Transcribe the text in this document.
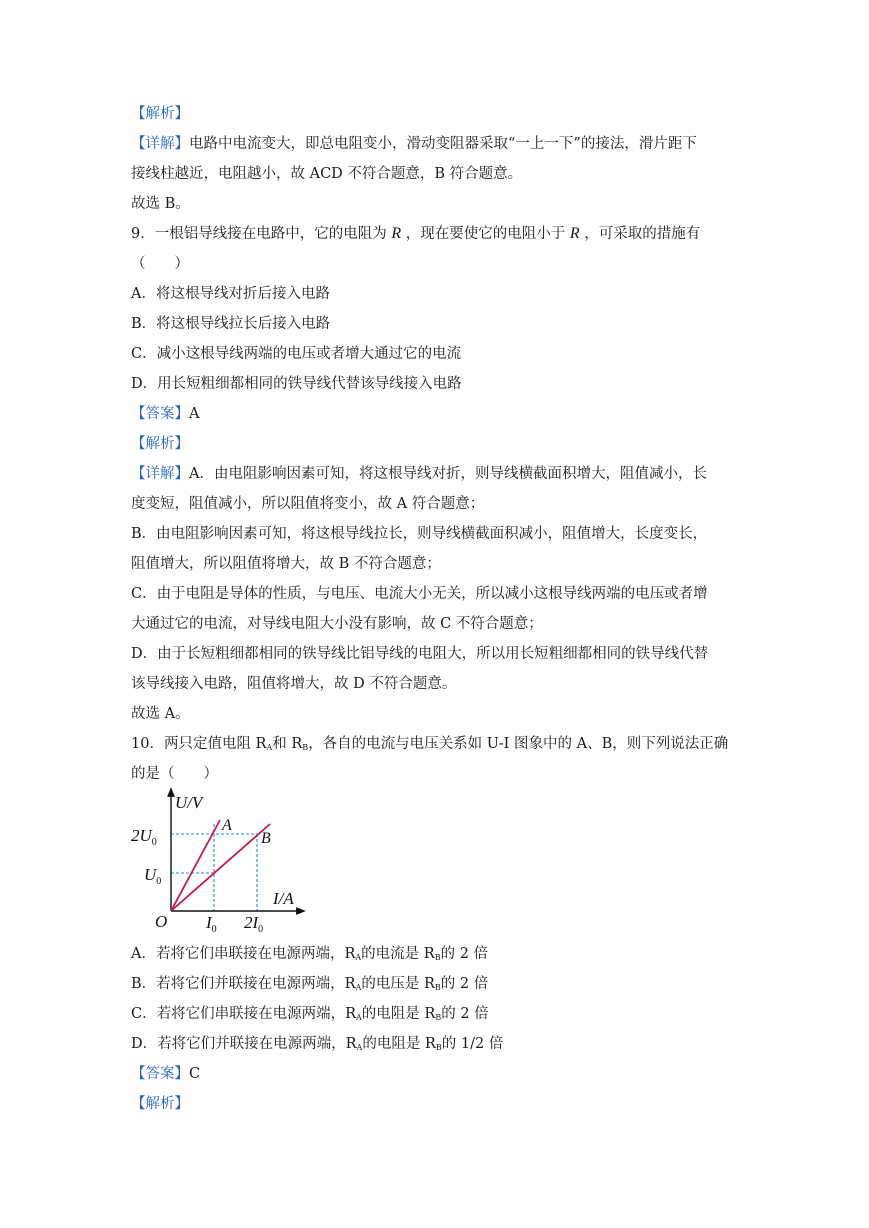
【解析】
【详解】电路中电流变大，即总电阻变小，滑动变阻器采取“一上一下”的接法，滑片距下
接线柱越近，电阻越小，故 ACD 不符合题意，B 符合题意。
故选 B。
9．一根铝导线接在电路中，它的电阻为 R ，现在要使它的电阻小于 R ，可采取的措施有
（　　）
A．将这根导线对折后接入电路
B．将这根导线拉长后接入电路
C．减小这根导线两端的电压或者增大通过它的电流
D．用长短粗细都相同的铁导线代替该导线接入电路
【答案】A
【解析】
【详解】A．由电阻影响因素可知，将这根导线对折，则导线横截面积增大，阻值减小，长
度变短，阻值减小，所以阻值将变小，故 A 符合题意；
B．由电阻影响因素可知，将这根导线拉长，则导线横截面积减小，阻值增大，长度变长，
阻值增大，所以阻值将增大，故 B 不符合题意；
C．由于电阻是导体的性质，与电压、电流大小无关，所以减小这根导线两端的电压或者增
大通过它的电流，对导线电阻大小没有影响，故 C 不符合题意；
D．由于长短粗细都相同的铁导线比铝导线的电阻大，所以用长短粗细都相同的铁导线代替
该导线接入电路，阻值将增大，故 D 不符合题意。
故选 A。
10．两只定值电阻 $R_A$和 $R_B$，各自的电流与电压关系如 U-I 图象中的 A、B，则下列说法正确
的是（　　）
U/V
I/A
O
A
B
$2U_0$
$U_0$
$I_0$ $2I_0$
A．若将它们串联接在电源两端，$R_A$的电流是 $R_B$的 2 倍
B．若将它们并联接在电源两端，$R_A$的电压是 $R_B$的 2 倍
C．若将它们串联接在电源两端，$R_A$的电阻是 $R_B$的 2 倍
D．若将它们并联接在电源两端，$R_A$的电阻是 $R_B$的 1/2 倍
【答案】C
【解析】
